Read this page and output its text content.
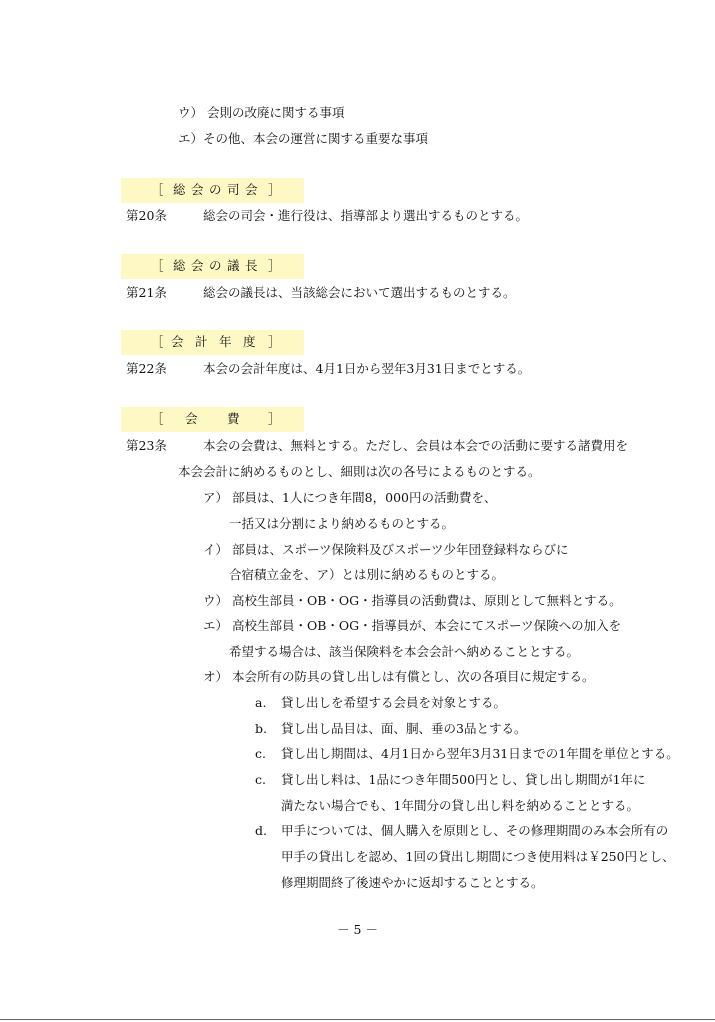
ウ） 会則の改廃に関する事項
エ）その他、本会の運営に関する重要な事項
［ 総 会 の 司 会 ］
第20条	総会の司会・進行役は、指導部より選出するものとする。
［ 総 会 の 議 長 ］
第21条	総会の議長は、当該総会において選出するものとする。
［ 会 計 年 度 ］
第22条	本会の会計年度は、4月1日から翌年3月31日までとする。
［ 会 費 ］
第23条	本会の会費は、無料とする。ただし、会員は本会での活動に要する諸費用を
本会会計に納めるものとし、細則は次の各号によるものとする。
ア） 部員は、1人につき年間8，000円の活動費を、
一括又は分割により納めるものとする。
イ） 部員は、スポーツ保険料及びスポーツ少年団登録料ならびに
合宿積立金を、ア）とは別に納めるものとする。
ウ） 高校生部員・OB・OG・指導員の活動費は、原則として無料とする。
エ） 高校生部員・OB・OG・指導員が、本会にてスポーツ保険への加入を
希望する場合は、該当保険料を本会会計へ納めることとする。
オ） 本会所有の防具の貸し出しは有償とし、次の各項目に規定する。
a. 貸し出しを希望する会員を対象とする。
b. 貸し出し品目は、面、胴、垂の3品とする。
c. 貸し出し期間は、4月1日から翌年3月31日までの1年間を単位とする。
c. 貸し出し料は、1品につき年間500円とし、貸し出し期間が1年に
満たない場合でも、1年間分の貸し出し料を納めることとする。
d. 甲手については、個人購入を原則とし、その修理期間のみ本会所有の
甲手の貸出しを認め、1回の貸出し期間につき使用料は￥250円とし、
修理期間終了後速やかに返却することとする。
－ 5 －
